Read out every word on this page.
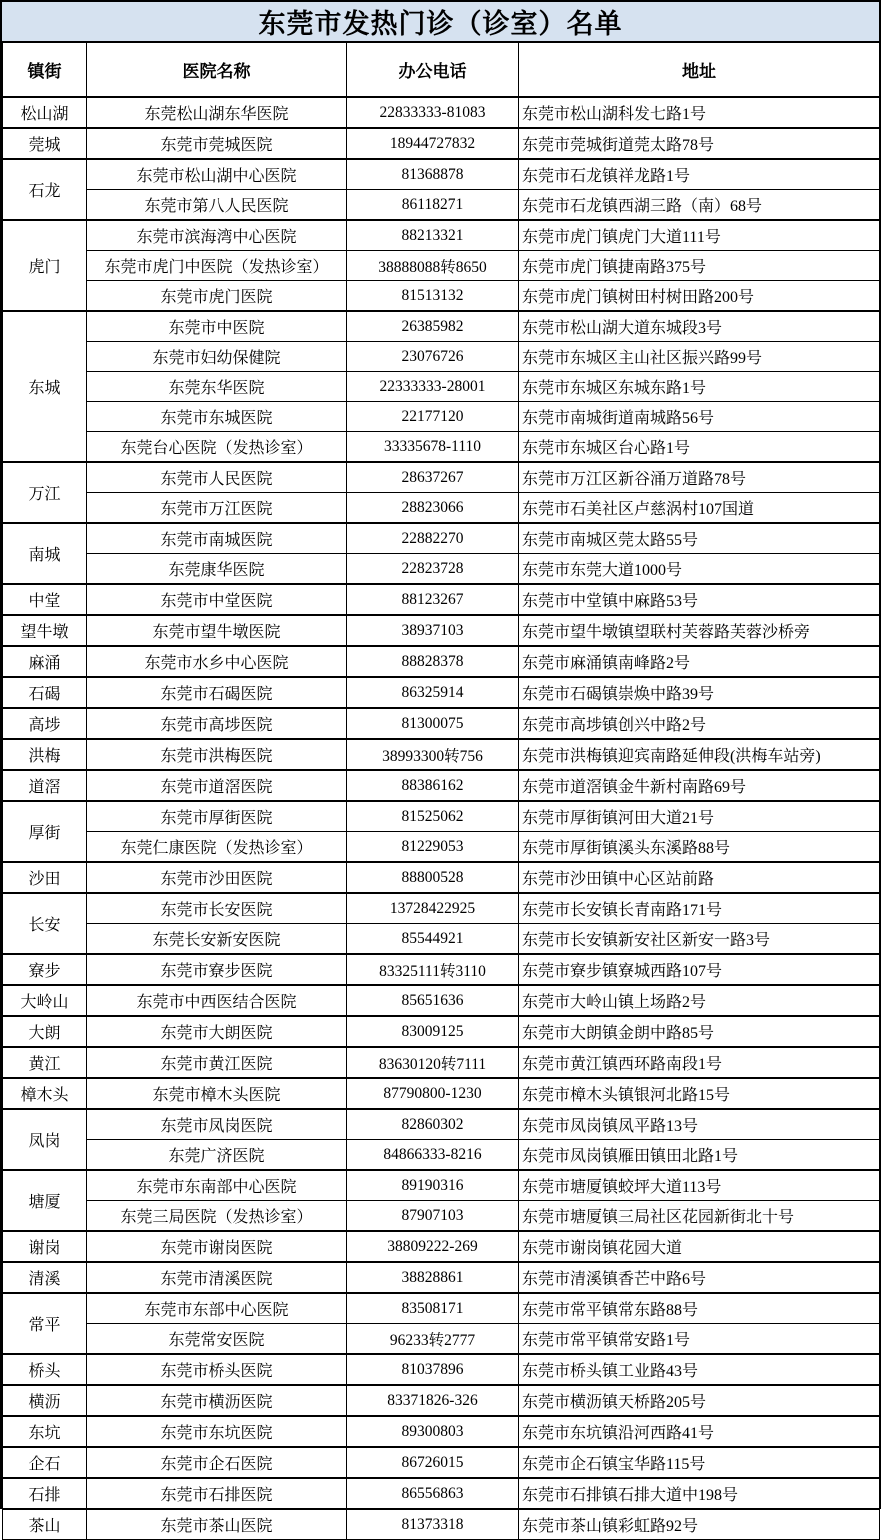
东莞市发热门诊（诊室）名单
镇街	医院名称	办公电话	地址
松山湖	东莞松山湖东华医院	22833333-81083	东莞市松山湖科发七路1号
莞城	东莞市莞城医院	18944727832	东莞市莞城街道莞太路78号
石龙	东莞市松山湖中心医院	81368878	东莞市石龙镇祥龙路1号
	东莞市第八人民医院	86118271	东莞市石龙镇西湖三路（南）68号
虎门	东莞市滨海湾中心医院	88213321	东莞市虎门镇虎门大道111号
	东莞市虎门中医院（发热诊室）	38888088转8650	东莞市虎门镇捷南路375号
	东莞市虎门医院	81513132	东莞市虎门镇树田村树田路200号
东城	东莞市中医院	26385982	东莞市松山湖大道东城段3号
	东莞市妇幼保健院	23076726	东莞市东城区主山社区振兴路99号
	东莞东华医院	22333333-28001	东莞市东城区东城东路1号
	东莞市东城医院	22177120	东莞市南城街道南城路56号
	东莞台心医院（发热诊室）	33335678-1110	东莞市东城区台心路1号
万江	东莞市人民医院	28637267	东莞市万江区新谷涌万道路78号
	东莞市万江医院	28823066	东莞市石美社区卢慈涡村107国道
南城	东莞市南城医院	22882270	东莞市南城区莞太路55号
	东莞康华医院	22823728	东莞市东莞大道1000号
中堂	东莞市中堂医院	88123267	东莞市中堂镇中麻路53号
望牛墩	东莞市望牛墩医院	38937103	东莞市望牛墩镇望联村芙蓉路芙蓉沙桥旁
麻涌	东莞市水乡中心医院	88828378	东莞市麻涌镇南峰路2号
石碣	东莞市石碣医院	86325914	东莞市石碣镇崇焕中路39号
高埗	东莞市高埗医院	81300075	东莞市高埗镇创兴中路2号
洪梅	东莞市洪梅医院	38993300转756	东莞市洪梅镇迎宾南路延伸段(洪梅车站旁)
道滘	东莞市道滘医院	88386162	东莞市道滘镇金牛新村南路69号
厚街	东莞市厚街医院	81525062	东莞市厚街镇河田大道21号
	东莞仁康医院（发热诊室）	81229053	东莞市厚街镇溪头东溪路88号
沙田	东莞市沙田医院	88800528	东莞市沙田镇中心区站前路
长安	东莞市长安医院	13728422925	东莞市长安镇长青南路171号
	东莞长安新安医院	85544921	东莞市长安镇新安社区新安一路3号
寮步	东莞市寮步医院	83325111转3110	东莞市寮步镇寮城西路107号
大岭山	东莞市中西医结合医院	85651636	东莞市大岭山镇上场路2号
大朗	东莞市大朗医院	83009125	东莞市大朗镇金朗中路85号
黄江	东莞市黄江医院	83630120转7111	东莞市黄江镇西环路南段1号
樟木头	东莞市樟木头医院	87790800-1230	东莞市樟木头镇银河北路15号
凤岗	东莞市凤岗医院	82860302	东莞市凤岗镇凤平路13号
	东莞广济医院	84866333-8216	东莞市凤岗镇雁田镇田北路1号
塘厦	东莞市东南部中心医院	89190316	东莞市塘厦镇蛟坪大道113号
	东莞三局医院（发热诊室）	87907103	东莞市塘厦镇三局社区花园新街北十号
谢岗	东莞市谢岗医院	38809222-269	东莞市谢岗镇花园大道
清溪	东莞市清溪医院	38828861	东莞市清溪镇香芒中路6号
常平	东莞市东部中心医院	83508171	东莞市常平镇常东路88号
	东莞常安医院	96233转2777	东莞市常平镇常安路1号
桥头	东莞市桥头医院	81037896	东莞市桥头镇工业路43号
横沥	东莞市横沥医院	83371826-326	东莞市横沥镇天桥路205号
东坑	东莞市东坑医院	89300803	东莞市东坑镇沿河西路41号
企石	东莞市企石医院	86726015	东莞市企石镇宝华路115号
石排	东莞市石排医院	86556863	东莞市石排镇石排大道中198号
茶山	东莞市茶山医院	81373318	东莞市茶山镇彩虹路92号
